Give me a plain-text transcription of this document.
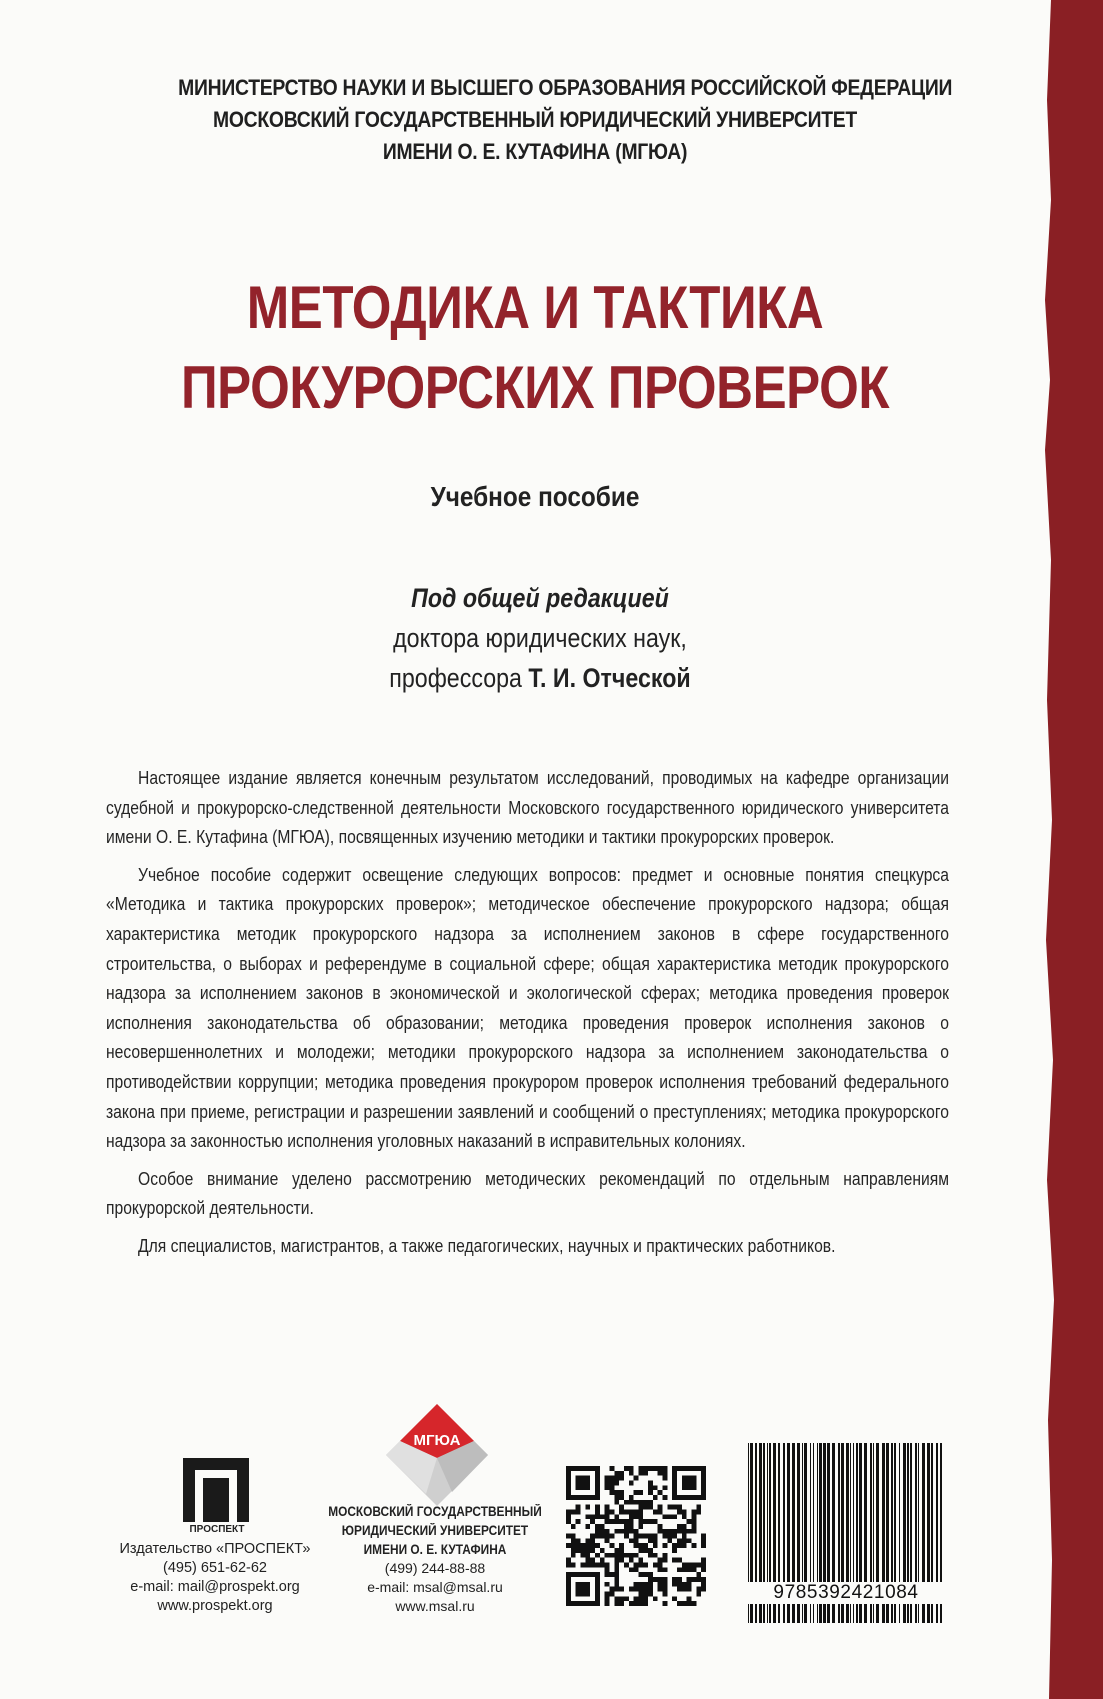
МИНИСТЕРСТВО НАУКИ И ВЫСШЕГО ОБРАЗОВАНИЯ РОССИЙСКОЙ ФЕДЕРАЦИИ
МОСКОВСКИЙ ГОСУДАРСТВЕННЫЙ ЮРИДИЧЕСКИЙ УНИВЕРСИТЕТ
ИМЕНИ О. Е. КУТАФИНА (МГЮА)
МЕТОДИКА И ТАКТИКА
ПРОКУРОРСКИХ ПРОВЕРОК
Учебное пособие
Под общей редакцией
доктора юридических наук,
профессора Т. И. Отческой

Настоящее издание является конечным результатом исследований, проводимых на кафедре организации судебной и прокурорско-следственной деятельности Московского государственного юридического университета имени О. Е. Кутафина (МГЮА), посвященных изучению методики и тактики прокурорских проверок.

Учебное пособие содержит освещение следующих вопросов: предмет и основные понятия спецкурса «Методика и тактика прокурорских проверок»; методическое обеспечение прокурорского надзора; общая характеристика методик прокурорского надзора за исполнением законов в сфере государственного строительства, о выборах и референдуме в социальной сфере; общая характеристика методик прокурорского надзора за исполнением законов в экономической и экологической сферах; методика проведения проверок исполнения законодательства об образовании; методика проведения проверок исполнения законов о несовершеннолетних и молодежи; методики прокурорского надзора за исполнением законодательства о противодействии коррупции; методика проведения прокурором проверок исполнения требований федерального закона при приеме, регистрации и разрешении заявлений и сообщений о преступлениях; методика прокурорского надзора за законностью исполнения уголовных наказаний в исправительных колониях.

Особое внимание уделено рассмотрению методических рекомендаций по отдельным направлениям прокурорской деятельности.

Для специалистов, магистрантов, а также педагогических, научных и практических работников.

ПРОСПЕКТ
Издательство «ПРОСПЕКТ»
(495) 651-62-62
e-mail: mail@prospekt.org
www.prospekt.org
МГЮА
МОСКОВСКИЙ ГОСУДАРСТВЕННЫЙ
ЮРИДИЧЕСКИЙ УНИВЕРСИТЕТ
ИМЕНИ О. Е. КУТАФИНА
(499) 244-88-88
e-mail: msal@msal.ru
www.msal.ru
9785392421084
